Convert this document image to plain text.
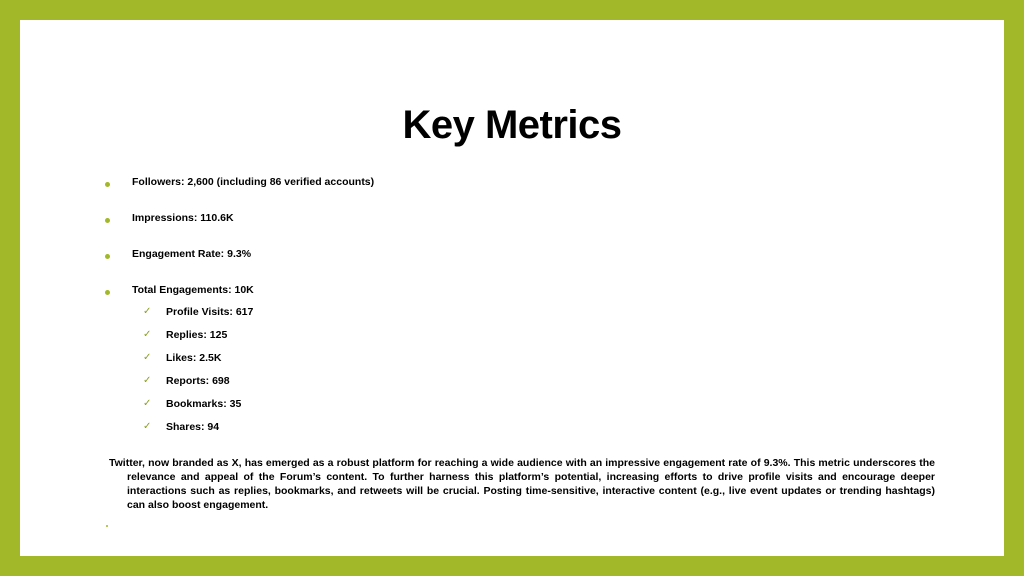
Key Metrics
Followers: 2,600 (including 86 verified accounts)
Impressions: 110.6K
Engagement Rate: 9.3%
Total Engagements: 10K
✓ Profile Visits: 617
✓ Replies: 125
✓ Likes: 2.5K
✓ Reports: 698
✓ Bookmarks: 35
✓ Shares: 94
Twitter, now branded as X, has emerged as a robust platform for reaching a wide audience with an impressive engagement rate of 9.3%. This metric underscores the relevance and appeal of the Forum’s content. To further harness this platform’s potential, increasing efforts to drive profile visits and encourage deeper interactions such as replies, bookmarks, and retweets will be crucial. Posting time-sensitive, interactive content (e.g., live event updates or trending hashtags) can also boost engagement.
